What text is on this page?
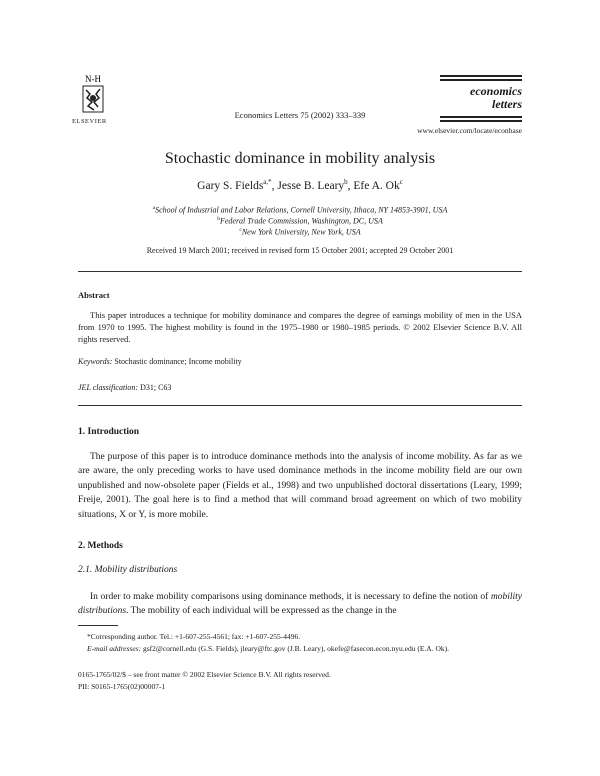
N-H
ELSEVIER
Economics Letters 75 (2002) 333–339
economics
letters
www.elsevier.com/locate/econbase
Stochastic dominance in mobility analysis
Gary S. Fields$^{a,*}$, Jesse B. Leary$^b$, Efe A. Ok$^c$
$^a$School of Industrial and Labor Relations, Cornell University, Ithaca, NY 14853-3901, USA
$^b$Federal Trade Commission, Washington, DC, USA
$^c$New York University, New York, USA
Received 19 March 2001; received in revised form 15 October 2001; accepted 29 October 2001
Abstract
This paper introduces a technique for mobility dominance and compares the degree of earnings mobility of men in the USA from 1970 to 1995. The highest mobility is found in the 1975–1980 or 1980–1985 periods. © 2002 Elsevier Science B.V. All rights reserved.
Keywords: Stochastic dominance; Income mobility
JEL classification: D31; C63
1. Introduction
The purpose of this paper is to introduce dominance methods into the analysis of income mobility. As far as we are aware, the only preceding works to have used dominance methods in the income mobility field are our own unpublished and now-obsolete paper (Fields et al., 1998) and two unpublished doctoral dissertations (Leary, 1999; Freije, 2001). The goal here is to find a method that will command broad agreement on which of two mobility situations, X or Y, is more mobile.
2. Methods
2.1. Mobility distributions
In order to make mobility comparisons using dominance methods, it is necessary to define the notion of mobility distributions. The mobility of each individual will be expressed as the change in the
*Corresponding author. Tel.: +1-607-255-4561; fax: +1-607-255-4496.
E-mail addresses: gsf2@cornell.edu (G.S. Fields), jleary@ftc.gov (J.B. Leary), okefe@fasecon.econ.nyu.edu (E.A. Ok).
0165-1765/02/$ – see front matter © 2002 Elsevier Science B.V. All rights reserved.
PII: S0165-1765(02)00007-1
